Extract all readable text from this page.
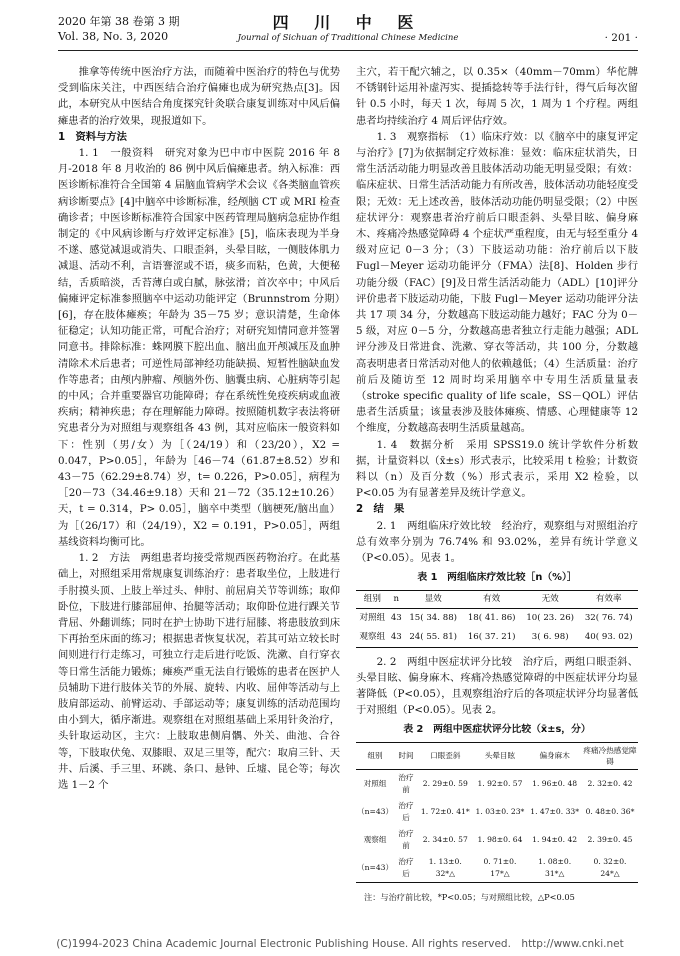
2020 年第 38 卷第 3 期
Vol. 38, No. 3, 2020
四 川 中 医
Journal of Sichuan of Traditional Chinese Medicine	· 201 ·

推拿等传统中医治疗方法，而随着中医治疗的特色与优势受到临床关注，中西医结合治疗偏瘫也成为研究热点[3]。因此，本研究从中医结合角度探究针灸联合康复训练对中风后偏瘫患者的治疗效果，现报道如下。

1　资料与方法

1. 1　一般资料　研究对象为巴中市中医院 2016 年 8 月-2018 年 8 月收治的 86 例中风后偏瘫患者。纳入标准：西医诊断标准符合全国第 4 届脑血管病学术会议《各类脑血管疾病诊断要点》[4]中脑卒中诊断标准，经颅脑 CT 或 MRI 检查确诊者；中医诊断标准符合国家中医药管理局脑病急症协作组制定的《中风病诊断与疗效评定标准》[5]，临床表现为半身不遂、感觉减退或消失、口眼歪斜，头晕目眩，一侧肢体肌力减退、活动不利，言语謇涩或不语，痰多而粘，色黄，大便秘结，舌质暗淡，舌苔薄白或白腻，脉弦滑；首次卒中；中风后偏瘫评定标准参照脑卒中运动功能评定（Brunnstrom 分期）[6]，存在肢体瘫痪；年龄为 35－75 岁；意识清楚，生命体征稳定；认知功能正常，可配合治疗；对研究知情同意并签署同意书。排除标准：蛛网膜下腔出血、脑出血开颅减压及血肿清除术术后患者；可逆性局部神经功能缺损、短暂性脑缺血发作等患者；由颅内肿瘤、颅脑外伤、脑囊虫病、心脏病等引起的中风；合并重要器官功能障碍；存在系统性免疫疾病或血液疾病；精神疾患；存在理解能力障碍。按照随机数字表法将研究患者分为对照组与观察组各 43 例，其对应临床一般资料如下：性别（男/女）为［（24/19）和（23/20），X2 = 0.047，P>0.05］，年龄为［46－74（61.87±8.52）岁和 43－75（62.29±8.74）岁，t= 0.226，P>0.05］，病程为［20－73（34.46±9.18）天和 21－72（35.12±10.26）天，t = 0.314，P> 0.05］，脑卒中类型（脑梗死/脑出血）为［（26/17）和（24/19），X2 = 0.191，P>0.05］，两组基线资料均衡可比。

1. 2　方法　两组患者均接受常规西医药物治疗。在此基础上，对照组采用常规康复训练治疗：患者取坐位，上肢进行手肘摸头顶、上肢上举过头、伸肘、前屈肩关节等训练；取仰卧位，下肢进行膝部屈伸、抬腿等活动；取仰卧位进行踝关节背屈、外翻训练；同时在护士协助下进行屈膝、将患肢放到床下再抬至床面的练习；根据患者恢复状况，若其可站立较长时间则进行行走练习，可独立行走后进行吃饭、洗漱、自行穿衣等日常生活能力锻炼；瘫痪严重无法自行锻炼的患者在医护人员辅助下进行肢体关节的外展、旋转、内收、屈伸等活动与上肢肩部运动、前臂运动、手部运动等；康复训练的活动范围均由小到大，循序渐进。观察组在对照组基础上采用针灸治疗，头针取运动区，主穴：上肢取患侧肩髃、外关、曲池、合谷等，下肢取伏兔、双膝眼、双足三里等，配穴：取肩三针、天井、后溪、手三里、环跳、条口、悬钟、丘墟、昆仑等；每次选 1－2 个

主穴，若干配穴辅之，以 0.35×（40mm－70mm）华佗牌不锈钢针运用补虚泻实、提插捻转等手法行针，得气后每次留针 0.5 小时，每天 1 次，每周 5 次，1 周为 1 个疗程。两组患者均持续治疗 4 周后评估疗效。

1. 3　观察指标　（1）临床疗效：以《脑卒中的康复评定与治疗》[7]为依据制定疗效标准：显效：临床症状消失，日常生活活动能力明显改善且肢体活动功能无明显受限；有效：临床症状、日常生活活动能力有所改善，肢体活动功能轻度受限；无效：无上述改善，肢体活动功能仍明显受限；（2）中医症状评分：观察患者治疗前后口眼歪斜、头晕目眩、偏身麻木、疼痛冷热感觉障碍 4 个症状严重程度，由无与轻至重分 4 级对应记 0－3 分；（3）下肢运动功能：治疗前后以下肢 Fugl－Meyer 运动功能评分（FMA）法[8]、Holden 步行功能分级（FAC）[9]及日常生活活动能力（ADL）[10]评分评价患者下肢运动功能，下肢 Fugl－Meyer 运动功能评分法共 17 项 34 分，分数越高下肢运动能力越好；FAC 分为 0－5 级，对应 0－5 分，分数越高患者独立行走能力越强；ADL 评分涉及日常进食、洗漱、穿衣等活动，共 100 分，分数越高表明患者日常活动对他人的依赖越低；（4）生活质量：治疗前后及随访至 12 周时均采用脑卒中专用生活质量量表（stroke specific quality of life scale，SS－QOL）评估患者生活质量；该量表涉及肢体瘫痪、情感、心理健康等 12 个维度，分数越高表明生活质量越高。

1. 4　数据分析　采用 SPSS19.0 统计学软件分析数据，计量资料以（x̄±s）形式表示，比较采用 t 检验；计数资料以（n）及百分数（%）形式表示，采用 X2 检验，以 P<0.05 为有显著差异及统计学意义。

2　结　果

2. 1　两组临床疗效比较　经治疗，观察组与对照组治疗总有效率分别为 76.74% 和 93.02%，差异有统计学意义（P<0.05）。见表 1。

表 1　两组临床疗效比较［n（%）］
组别	n	显效	有效	无效	有效率
对照组	43	15( 34. 88)	18( 41. 86)	10( 23. 26)	32( 76. 74)
观察组	43	24( 55. 81)	16( 37. 21)	3( 6. 98)	40( 93. 02)

2. 2　两组中医症状评分比较　治疗后，两组口眼歪斜、头晕目眩、偏身麻木、疼痛冷热感觉障碍的中医症状评分均显著降低（P<0.05），且观察组治疗后的各项症状评分均显著低于对照组（P<0.05）。见表 2。

表 2　两组中医症状评分比较（x̄±s，分）
组别	时间	口眼歪斜	头晕目眩	偏身麻木	疼痛冷热感觉障碍
对照组	治疗前	2. 29±0. 59	1. 92±0. 57	1. 96±0. 48	2. 32±0. 42
（n=43）	治疗后	1. 72±0. 41*	1. 03±0. 23*	1. 47±0. 33*	0. 48±0. 36*
观察组	治疗前	2. 34±0. 57	1. 98±0. 64	1. 94±0. 42	2. 39±0. 45
（n=43）	治疗后	1. 13±0. 32*△	0. 71±0. 17*△	1. 08±0. 31*△	0. 32±0. 24*△
注：与治疗前比较，*P<0.05；与对照组比较，△P<0.05
(C)1994-2023 China Academic Journal Electronic Publishing House. All rights reserved.　http://www.cnki.net
